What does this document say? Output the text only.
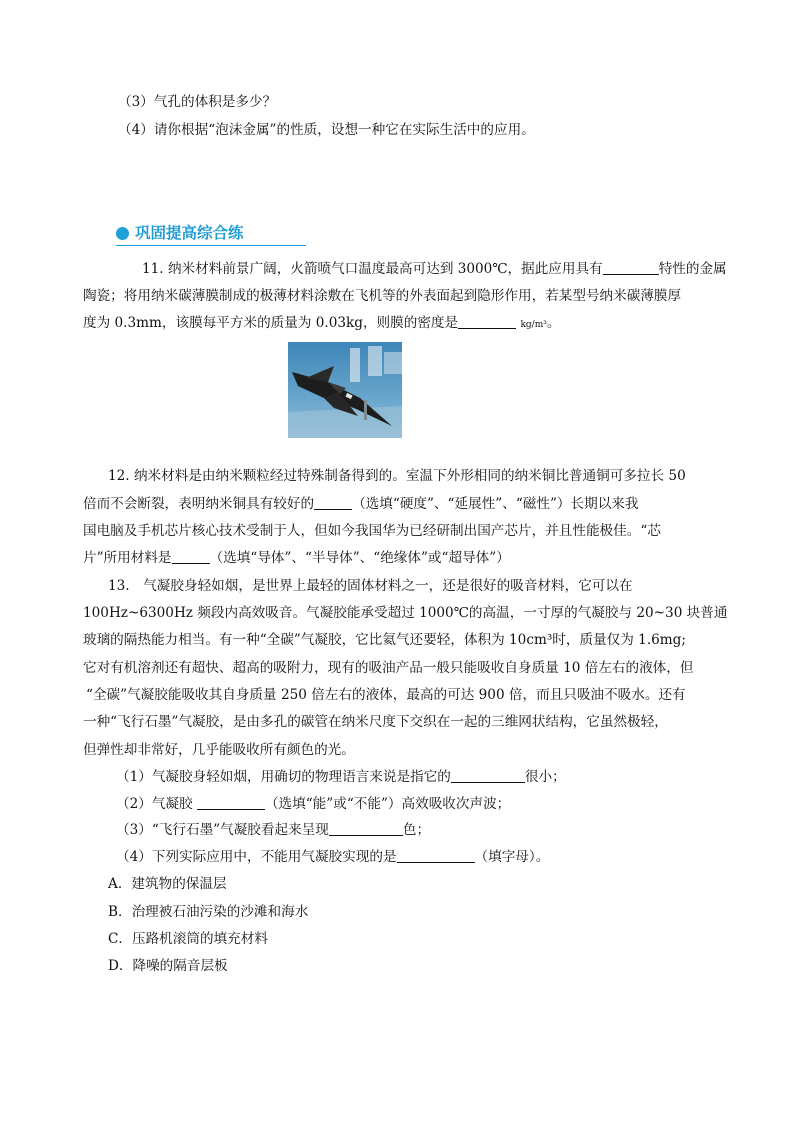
（3）气孔的体积是多少？
（4）请你根据“泡沫金属”的性质，设想一种它在实际生活中的应用。
巩固提高综合练
11. 纳米材料前景广阔，火箭喷气口温度最高可达到 3000℃，据此应用具有	特性的金属
陶瓷；将用纳米碳薄膜制成的极薄材料涂敷在飞机等的外表面起到隐形作用，若某型号纳米碳薄膜厚
度为 0.3mm，该膜每平方米的质量为 0.03kg，则膜的密度是	kg/m³。
12. 纳米材料是由纳米颗粒经过特殊制备得到的。室温下外形相同的纳米铜比普通铜可多拉长 50
倍而不会断裂，表明纳米铜具有较好的	（选填“硬度”、“延展性”、“磁性”）长期以来我
国电脑及手机芯片核心技术受制于人，但如今我国华为已经研制出国产芯片，并且性能极佳。“芯
片”所用材料是	（选填“导体”、“半导体”、“绝缘体”或“超导体”）
13.　气凝胶身轻如烟，是世界上最轻的固体材料之一，还是很好的吸音材料，它可以在
100Hz~6300Hz 频段内高效吸音。气凝胶能承受超过 1000℃的高温，一寸厚的气凝胶与 20~30 块普通
玻璃的隔热能力相当。有一种“全碳”气凝胶，它比氦气还要轻，体积为 10cm³时，质量仅为 1.6mg;
它对有机溶剂还有超快、超高的吸附力，现有的吸油产品一般只能吸收自身质量 10 倍左右的液体，但
“全碳”气凝胶能吸收其自身质量 250 倍左右的液体，最高的可达 900 倍，而且只吸油不吸水。还有
一种“飞行石墨”气凝胶，是由多孔的碳管在纳米尺度下交织在一起的三维网状结构，它虽然极轻，
但弹性却非常好，几乎能吸收所有颜色的光。
（1）气凝胶身轻如烟，用确切的物理语言来说是指它的	很小；
（2）气凝胶	（选填“能”或“不能”）高效吸收次声波；
（3）“飞行石墨”气凝胶看起来呈现	色；
（4）下列实际应用中，不能用气凝胶实现的是	（填字母）。
A．建筑物的保温层
B．治理被石油污染的沙滩和海水
C．压路机滚筒的填充材料
D．降噪的隔音层板
